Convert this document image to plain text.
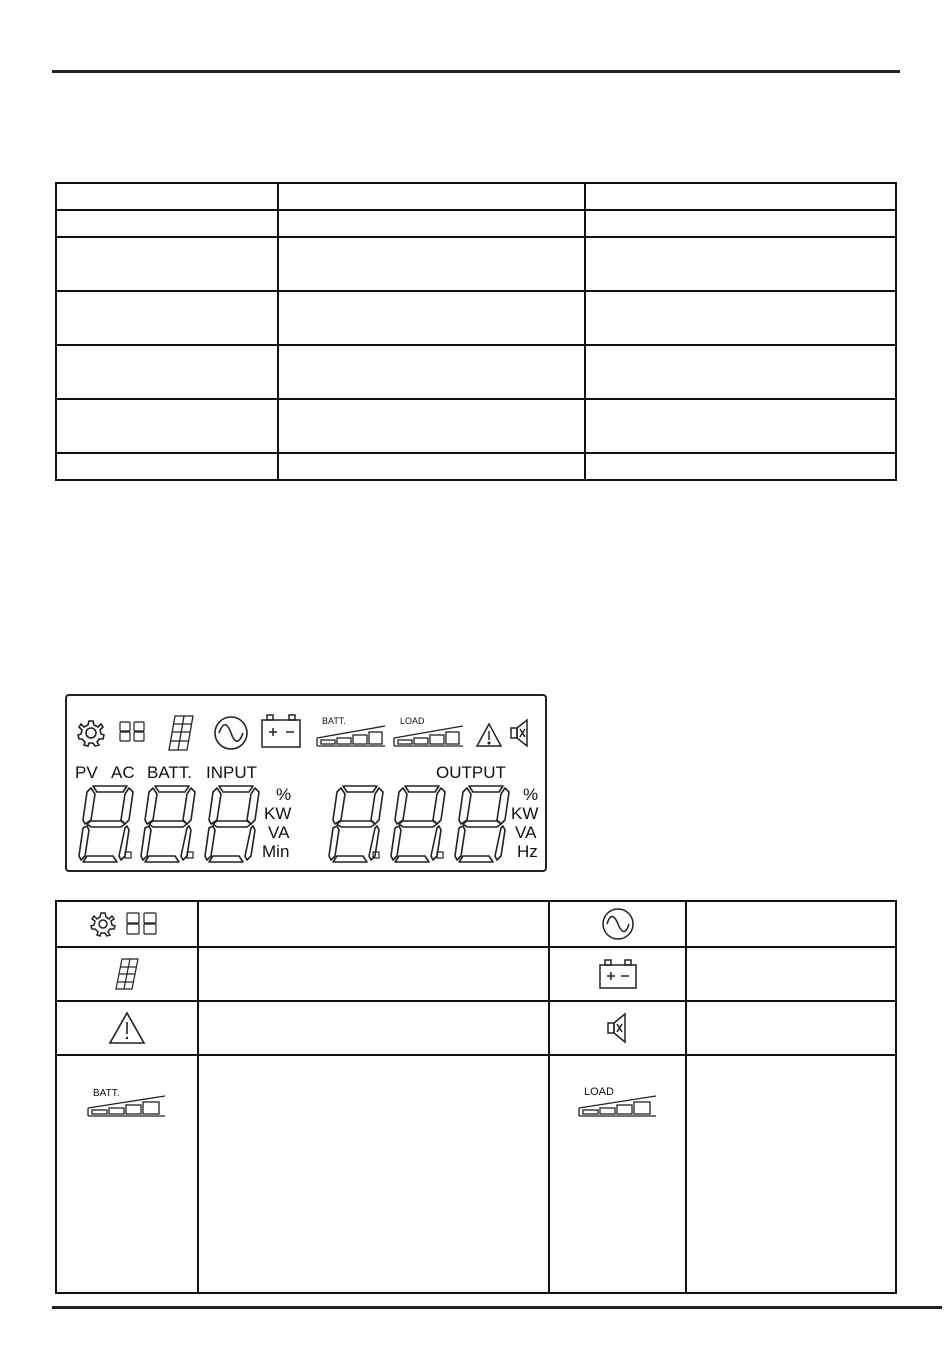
BATT.	LOAD
PV AC BATT. INPUT	OUTPUT
%
KW
VA
Min
%
KW
VA
Hz

BATT.		LOAD	
